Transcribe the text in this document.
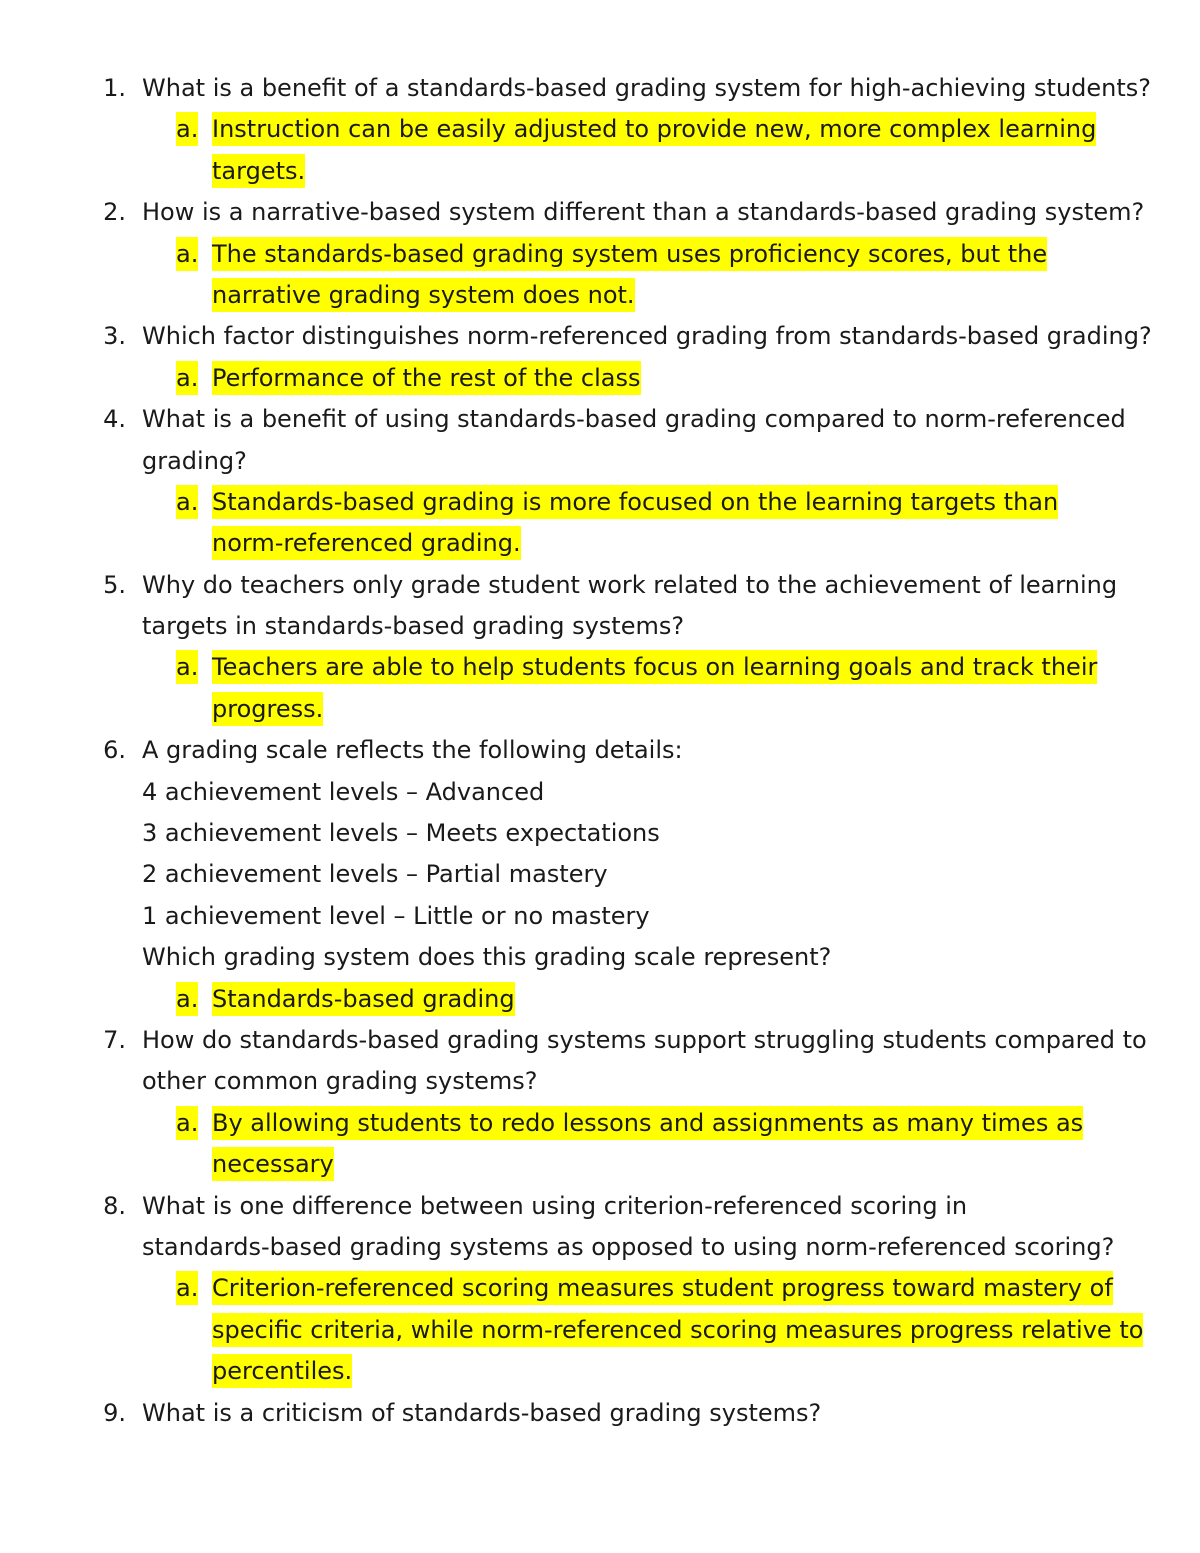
1. What is a benefit of a standards-based grading system for high-achieving students?
a. Instruction can be easily adjusted to provide new, more complex learning
targets.
2. How is a narrative-based system different than a standards-based grading system?
a. The standards-based grading system uses proficiency scores, but the
narrative grading system does not.
3. Which factor distinguishes norm-referenced grading from standards-based grading?
a. Performance of the rest of the class
4. What is a benefit of using standards-based grading compared to norm-referenced
grading?
a. Standards-based grading is more focused on the learning targets than
norm-referenced grading.
5. Why do teachers only grade student work related to the achievement of learning
targets in standards-based grading systems?
a. Teachers are able to help students focus on learning goals and track their
progress.
6. A grading scale reflects the following details:
4 achievement levels – Advanced
3 achievement levels – Meets expectations
2 achievement levels – Partial mastery
1 achievement level – Little or no mastery
Which grading system does this grading scale represent?
a. Standards-based grading
7. How do standards-based grading systems support struggling students compared to
other common grading systems?
a. By allowing students to redo lessons and assignments as many times as
necessary
8. What is one difference between using criterion-referenced scoring in
standards-based grading systems as opposed to using norm-referenced scoring?
a. Criterion-referenced scoring measures student progress toward mastery of
specific criteria, while norm-referenced scoring measures progress relative to
percentiles.
9. What is a criticism of standards-based grading systems?
